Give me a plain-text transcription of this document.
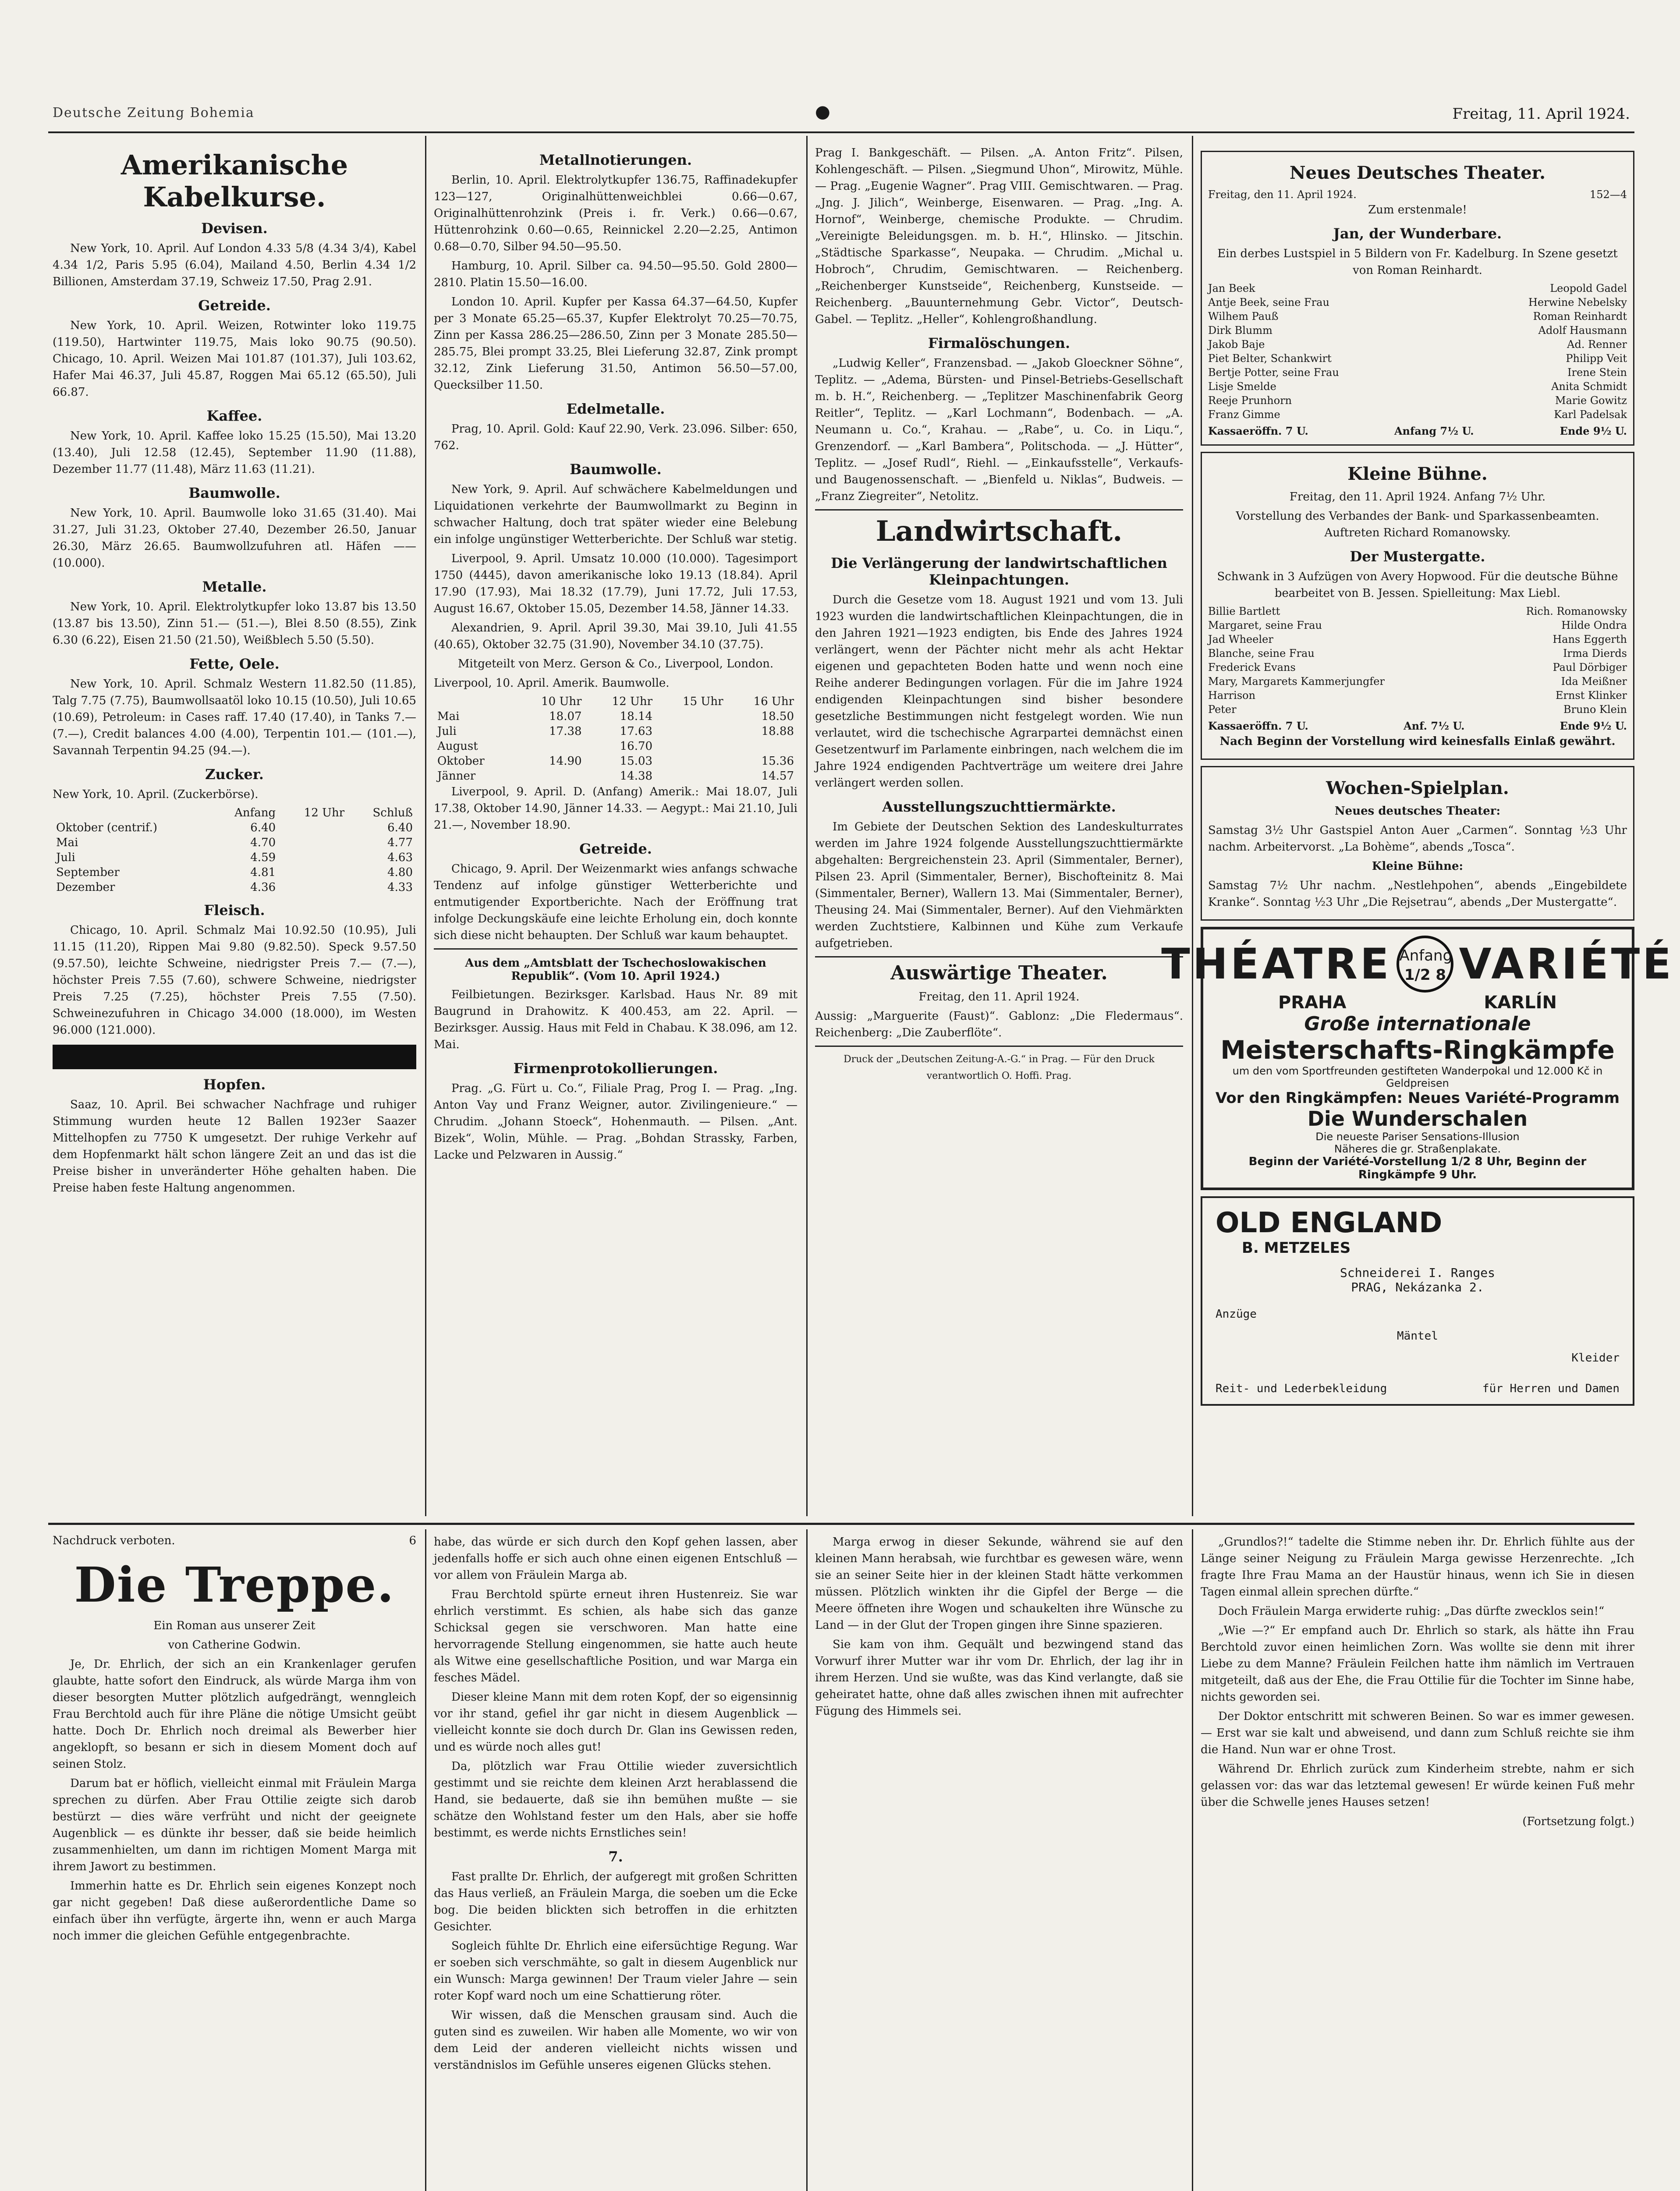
Deutsche Zeitung Bohemia	●	Freitag, 11. April 1924.
Amerikanische Kabelkurse.
Devisen.

New York, 10. April. Auf London 4.33 5/8 (4.34 3/4), Kabel 4.34 1/2, Paris 5.95 (6.04), Mailand 4.50, Berlin 4.34 1/2 Billionen, Amsterdam 37.19, Schweiz 17.50, Prag 2.91.

Getreide.

New York, 10. April. Weizen, Rotwinter loko 119.75 (119.50), Hartwinter 119.75, Mais loko 90.75 (90.50). Chicago, 10. April. Weizen Mai 101.87 (101.37), Juli 103.62, Hafer Mai 46.37, Juli 45.87, Roggen Mai 65.12 (65.50), Juli 66.87.

Kaffee.

New York, 10. April. Kaffee loko 15.25 (15.50), Mai 13.20 (13.40), Juli 12.58 (12.45), September 11.90 (11.88), Dezember 11.77 (11.48), März 11.63 (11.21).

Baumwolle.

New York, 10. April. Baumwolle loko 31.65 (31.40). Mai 31.27, Juli 31.23, Oktober 27.40, Dezember 26.50, Januar 26.30, März 26.65. Baumwollzufuhren atl. Häfen —— (10.000).

Metalle.

New York, 10. April. Elektrolytkupfer loko 13.87 bis 13.50 (13.87 bis 13.50), Zinn 51.— (51.—), Blei 8.50 (8.55), Zink 6.30 (6.22), Eisen 21.50 (21.50), Weißblech 5.50 (5.50).

Fette, Oele.

New York, 10. April. Schmalz Western 11.82.50 (11.85), Talg 7.75 (7.75), Baumwollsaatöl loko 10.15 (10.50), Juli 10.65 (10.69), Petroleum: in Cases raff. 17.40 (17.40), in Tanks 7.— (7.—), Credit balances 4.00 (4.00), Terpentin 101.— (101.—), Savannah Terpentin 94.25 (94.—).

Zucker.

New York, 10. April. (Zuckerbörse).

	Anfang	12 Uhr	Schluß
Oktober (centrif.)	6.40		6.40
Mai	4.70		4.77
Juli	4.59		4.63
September	4.81		4.80
Dezember	4.36		4.33
Fleisch.

Chicago, 10. April. Schmalz Mai 10.92.50 (10.95), Juli 11.15 (11.20), Rippen Mai 9.80 (9.82.50). Speck 9.57.50 (9.57.50), leichte Schweine, niedrigster Preis 7.— (7.—), höchster Preis 7.55 (7.60), schwere Schweine, niedrigster Preis 7.25 (7.25), höchster Preis 7.55 (7.50). Schweinezufuhren in Chicago 34.000 (18.000), im Westen 96.000 (121.000).

Hopfen.

Saaz, 10. April. Bei schwacher Nachfrage und ruhiger Stimmung wurden heute 12 Ballen 1923er Saazer Mittelhopfen zu 7750 K umgesetzt. Der ruhige Verkehr auf dem Hopfenmarkt hält schon längere Zeit an und das ist die Preise bisher in unveränderter Höhe gehalten haben. Die Preise haben feste Haltung angenommen.

Metallnotierungen.

Berlin, 10. April. Elektrolytkupfer 136.75, Raffinadekupfer 123—127, Originalhüttenweichblei 0.66—0.67, Originalhüttenrohzink (Preis i. fr. Verk.) 0.66—0.67, Hüttenrohzink 0.60—0.65, Reinnickel 2.20—2.25, Antimon 0.68—0.70, Silber 94.50—95.50.

Hamburg, 10. April. Silber ca. 94.50—95.50. Gold 2800—2810. Platin 15.50—16.00.

London 10. April. Kupfer per Kassa 64.37—64.50, Kupfer per 3 Monate 65.25—65.37, Kupfer Elektrolyt 70.25—70.75, Zinn per Kassa 286.25—286.50, Zinn per 3 Monate 285.50—285.75, Blei prompt 33.25, Blei Lieferung 32.87, Zink prompt 32.12, Zink Lieferung 31.50, Antimon 56.50—57.00, Quecksilber 11.50.

Edelmetalle.

Prag, 10. April. Gold: Kauf 22.90, Verk. 23.096. Silber: 650, 762.

Baumwolle.

New York, 9. April. Auf schwächere Kabelmeldungen und Liquidationen verkehrte der Baumwollmarkt zu Beginn in schwacher Haltung, doch trat später wieder eine Belebung ein infolge ungünstiger Wetterberichte. Der Schluß war stetig.

Liverpool, 9. April. Umsatz 10.000 (10.000). Tagesimport 1750 (4445), davon amerikanische loko 19.13 (18.84). April 17.90 (17.93), Mai 18.32 (17.79), Juni 17.72, Juli 17.53, August 16.67, Oktober 15.05, Dezember 14.58, Jänner 14.33.

Alexandrien, 9. April. April 39.30, Mai 39.10, Juli 41.55 (40.65), Oktober 32.75 (31.90), November 34.10 (37.75).

Mitgeteilt von Merz. Gerson & Co., Liverpool, London.

Liverpool, 10. April. Amerik. Baumwolle.

	10 Uhr	12 Uhr	15 Uhr	16 Uhr
Mai	18.07	18.14		18.50
Juli	17.38	17.63		18.88
August		16.70		
Oktober	14.90	15.03		15.36
Jänner		14.38		14.57

Liverpool, 9. April. D. (Anfang) Amerik.: Mai 18.07, Juli 17.38, Oktober 14.90, Jänner 14.33. — Aegypt.: Mai 21.10, Juli 21.—, November 18.90.

Getreide.

Chicago, 9. April. Der Weizenmarkt wies anfangs schwache Tendenz auf infolge günstiger Wetterberichte und entmutigender Exportberichte. Nach der Eröffnung trat infolge Deckungskäufe eine leichte Erholung ein, doch konnte sich diese nicht behaupten. Der Schluß war kaum behauptet.

Aus dem „Amtsblatt der Tschechoslowakischen Republik“. (Vom 10. April 1924.)

Feilbietungen. Bezirksger. Karlsbad. Haus Nr. 89 mit Baugrund in Drahowitz. K 400.453, am 22. April. — Bezirksger. Aussig. Haus mit Feld in Chabau. K 38.096, am 12. Mai.

Firmenprotokollierungen.

Prag. „G. Fürt u. Co.“, Filiale Prag, Prog I. — Prag. „Ing. Anton Vay und Franz Weigner, autor. Zivilingenieure.“ — Chrudim. „Johann Stoeck“, Hohenmauth. — Pilsen. „Ant. Bizek“, Wolin, Mühle. — Prag. „Bohdan Strassky, Farben, Lacke und Pelzwaren in Aussig.“

Prag I. Bankgeschäft. — Pilsen. „A. Anton Fritz“. Pilsen, Kohlengeschäft. — Pilsen. „Siegmund Uhon“, Mirowitz, Mühle. — Prag. „Eugenie Wagner“. Prag VIII. Gemischtwaren. — Prag. „Jng. J. Jilich“, Weinberge, Eisenwaren. — Prag. „Ing. A. Hornof“, Weinberge, chemische Produkte. — Chrudim. „Vereinigte Beleidungsgen. m. b. H.“, Hlinsko. — Jitschin. „Städtische Sparkasse“, Neupaka. — Chrudim. „Michal u. Hobroch“, Chrudim, Gemischtwaren. — Reichenberg. „Reichenberger Kunstseide“, Reichenberg, Kunstseide. — Reichenberg. „Bauunternehmung Gebr. Victor“, Deutsch-Gabel. — Teplitz. „Heller“, Kohlengroßhandlung.

Firmalöschungen.

„Ludwig Keller“, Franzensbad. — „Jakob Gloeckner Söhne“, Teplitz. — „Adema, Bürsten- und Pinsel-Betriebs-Gesellschaft m. b. H.“, Reichenberg. — „Teplitzer Maschinenfabrik Georg Reitler“, Teplitz. — „Karl Lochmann“, Bodenbach. — „A. Neumann u. Co.“, Krahau. — „Rabe“, u. Co. in Liqu.“, Grenzendorf. — „Karl Bambera“, Politschoda. — „J. Hütter“, Teplitz. — „Josef Rudl“, Riehl. — „Einkaufsstelle“, Verkaufs- und Baugenossenschaft. — „Bienfeld u. Niklas“, Budweis. — „Franz Ziegreiter“, Netolitz.

Landwirtschaft.
Die Verlängerung der landwirtschaftlichen Kleinpachtungen.

Durch die Gesetze vom 18. August 1921 und vom 13. Juli 1923 wurden die landwirtschaftlichen Kleinpachtungen, die in den Jahren 1921—1923 endigten, bis Ende des Jahres 1924 verlängert, wenn der Pächter nicht mehr als acht Hektar eigenen und gepachteten Boden hatte und wenn noch eine Reihe anderer Bedingungen vorlagen. Für die im Jahre 1924 endigenden Kleinpachtungen sind bisher besondere gesetzliche Bestimmungen nicht festgelegt worden. Wie nun verlautet, wird die tschechische Agrarpartei demnächst einen Gesetzentwurf im Parlamente einbringen, nach welchem die im Jahre 1924 endigenden Pachtverträge um weitere drei Jahre verlängert werden sollen.

Ausstellungszuchttiermärkte.

Im Gebiete der Deutschen Sektion des Landeskulturrates werden im Jahre 1924 folgende Ausstellungszuchttiermärkte abgehalten: Bergreichenstein 23. April (Simmentaler, Berner), Pilsen 23. April (Simmentaler, Berner), Bischofteinitz 8. Mai (Simmentaler, Berner), Wallern 13. Mai (Simmentaler, Berner), Theusing 24. Mai (Simmentaler, Berner). Auf den Viehmärkten werden Zuchtstiere, Kalbinnen und Kühe zum Verkaufe aufgetrieben.

Auswärtige Theater.

Freitag, den 11. April 1924.

Aussig: „Marguerite (Faust)“. Gablonz: „Die Fledermaus“. Reichenberg: „Die Zauberflöte“.

Druck der „Deutschen Zeitung-A.-G.“ in Prag. — Für den Druck verantwortlich O. Hoffi. Prag.

Neues Deutsches Theater.
Freitag, den 11. April 1924.	152—4

Zum erstenmale!

Jan, der Wunderbare.

Ein derbes Lustspiel in 5 Bildern von Fr. Kadelburg. In Szene gesetzt von Roman Reinhardt.

Jan Beek	Leopold Gadel
Antje Beek, seine Frau	Herwine Nebelsky
Wilhem Pauß	Roman Reinhardt
Dirk Blumm	Adolf Hausmann
Jakob Baje	Ad. Renner
Piet Belter, Schankwirt	Philipp Veit
Bertje Potter, seine Frau	Irene Stein
Lisje Smelde	Anita Schmidt
Reeje Prunhorn	Marie Gowitz
Franz Gimme	Karl Padelsak
Kassaeröffn. 7 U.	Anfang 7½ U.	Ende 9½ U.
Kleine Bühne.

Freitag, den 11. April 1924. Anfang 7½ Uhr.

Vorstellung des Verbandes der Bank- und Sparkassenbeamten. Auftreten Richard Romanowsky.

Der Mustergatte.

Schwank in 3 Aufzügen von Avery Hopwood. Für die deutsche Bühne bearbeitet von B. Jessen. Spielleitung: Max Liebl.

Billie Bartlett	Rich. Romanowsky
Margaret, seine Frau	Hilde Ondra
Jad Wheeler	Hans Eggerth
Blanche, seine Frau	Irma Dierds
Frederick Evans	Paul Dörbiger
Mary, Margarets Kammerjungfer	Ida Meißner
Harrison	Ernst Klinker
Peter	Bruno Klein
Kassaeröffn. 7 U.	Anf. 7½ U.	Ende 9½ U.

Nach Beginn der Vorstellung wird keinesfalls Einlaß gewährt.

Wochen-Spielplan.

Neues deutsches Theater:

Samstag 3½ Uhr Gastspiel Anton Auer „Carmen“. Sonntag ½3 Uhr nachm. Arbeitervorst. „La Bohème“, abends „Tosca“.

Kleine Bühne:

Samstag 7½ Uhr nachm. „Nestlehpohen“, abends „Eingebildete Kranke“. Sonntag ½3 Uhr „Die Rejsetrau“, abends „Der Mustergatte“.

THÉATRE Anfang
1/2 8 VARIÉTÉ
PRAHA	KARLÍN
Große internationale
Meisterschafts-Ringkämpfe
um den vom Sportfreunden gestifteten Wanderpokal und 12.000 Kč in Geldpreisen
Vor den Ringkämpfen: Neues Variété-Programm
Die Wunderschalen
Die neueste Pariser Sensations-Illusion
Näheres die gr. Straßenplakate.
Beginn der Variété-Vorstellung 1/2 8 Uhr, Beginn der Ringkämpfe 9 Uhr.
OLD ENGLAND
B. METZELES
Schneiderei I. Ranges
PRAG, Nekázanka 2.
Anzüge
Mäntel
Kleider
Reit- und Lederbekleidung	für Herren und Damen
Nachdruck verboten.	6
Die Treppe.

Ein Roman aus unserer Zeit

von Catherine Godwin.

Je, Dr. Ehrlich, der sich an ein Krankenlager gerufen glaubte, hatte sofort den Eindruck, als würde Marga ihm von dieser besorgten Mutter plötzlich aufgedrängt, wenngleich Frau Berchtold auch für ihre Pläne die nötige Umsicht geübt hatte. Doch Dr. Ehrlich noch dreimal als Bewerber hier angeklopft, so besann er sich in diesem Moment doch auf seinen Stolz.

Darum bat er höflich, vielleicht einmal mit Fräulein Marga sprechen zu dürfen. Aber Frau Ottilie zeigte sich darob bestürzt — dies wäre verfrüht und nicht der geeignete Augenblick — es dünkte ihr besser, daß sie beide heimlich zusammenhielten, um dann im richtigen Moment Marga mit ihrem Jawort zu bestimmen.

Immerhin hatte es Dr. Ehrlich sein eigenes Konzept noch gar nicht gegeben! Daß diese außerordentliche Dame so einfach über ihn verfügte, ärgerte ihn, wenn er auch Marga noch immer die gleichen Gefühle entgegenbrachte.

habe, das würde er sich durch den Kopf gehen lassen, aber jedenfalls hoffe er sich auch ohne einen eigenen Entschluß — vor allem von Fräulein Marga ab.

Frau Berchtold spürte erneut ihren Hustenreiz. Sie war ehrlich verstimmt. Es schien, als habe sich das ganze Schicksal gegen sie verschworen. Man hatte eine hervorragende Stellung eingenommen, sie hatte auch heute als Witwe eine gesellschaftliche Position, und war Marga ein fesches Mädel.

Dieser kleine Mann mit dem roten Kopf, der so eigensinnig vor ihr stand, gefiel ihr gar nicht in diesem Augenblick — vielleicht konnte sie doch durch Dr. Glan ins Gewissen reden, und es würde noch alles gut!

Da, plötzlich war Frau Ottilie wieder zuversichtlich gestimmt und sie reichte dem kleinen Arzt herablassend die Hand, sie bedauerte, daß sie ihn bemühen mußte — sie schätze den Wohlstand fester um den Hals, aber sie hoffe bestimmt, es werde nichts Ernstliches sein!

7.

Fast prallte Dr. Ehrlich, der aufgeregt mit großen Schritten das Haus verließ, an Fräulein Marga, die soeben um die Ecke bog. Die beiden blickten sich betroffen in die erhitzten Gesichter.

Sogleich fühlte Dr. Ehrlich eine eifersüchtige Regung. War er soeben sich verschmähte, so galt in diesem Augenblick nur ein Wunsch: Marga gewinnen! Der Traum vieler Jahre — sein roter Kopf ward noch um eine Schattierung röter.

Wir wissen, daß die Menschen grausam sind. Auch die guten sind es zuweilen. Wir haben alle Momente, wo wir von dem Leid der anderen vielleicht nichts wissen und verständnislos im Gefühle unseres eigenen Glücks stehen.

Marga erwog in dieser Sekunde, während sie auf den kleinen Mann herabsah, wie furchtbar es gewesen wäre, wenn sie an seiner Seite hier in der kleinen Stadt hätte verkommen müssen. Plötzlich winkten ihr die Gipfel der Berge — die Meere öffneten ihre Wogen und schaukelten ihre Wünsche zu Land — in der Glut der Tropen gingen ihre Sinne spazieren.

Sie kam von ihm. Gequält und bezwingend stand das Vorwurf ihrer Mutter war ihr vom Dr. Ehrlich, der lag ihr in ihrem Herzen. Und sie wußte, was das Kind verlangte, daß sie geheiratet hatte, ohne daß alles zwischen ihnen mit aufrechter Fügung des Himmels sei.

„Grundlos?!“ tadelte die Stimme neben ihr. Dr. Ehrlich fühlte aus der Länge seiner Neigung zu Fräulein Marga gewisse Herzenrechte. „Ich fragte Ihre Frau Mama an der Haustür hinaus, wenn ich Sie in diesen Tagen einmal allein sprechen dürfte.“

Doch Fräulein Marga erwiderte ruhig: „Das dürfte zwecklos sein!“

„Wie —?“ Er empfand auch Dr. Ehrlich so stark, als hätte ihn Frau Berchtold zuvor einen heimlichen Zorn. Was wollte sie denn mit ihrer Liebe zu dem Manne? Fräulein Feilchen hatte ihm nämlich im Vertrauen mitgeteilt, daß aus der Ehe, die Frau Ottilie für die Tochter im Sinne habe, nichts geworden sei.

Der Doktor entschritt mit schweren Beinen. So war es immer gewesen. — Erst war sie kalt und abweisend, und dann zum Schluß reichte sie ihm die Hand. Nun war er ohne Trost.

Während Dr. Ehrlich zurück zum Kinderheim strebte, nahm er sich gelassen vor: das war das letztemal gewesen! Er würde keinen Fuß mehr über die Schwelle jenes Hauses setzen!

(Fortsetzung folgt.)
